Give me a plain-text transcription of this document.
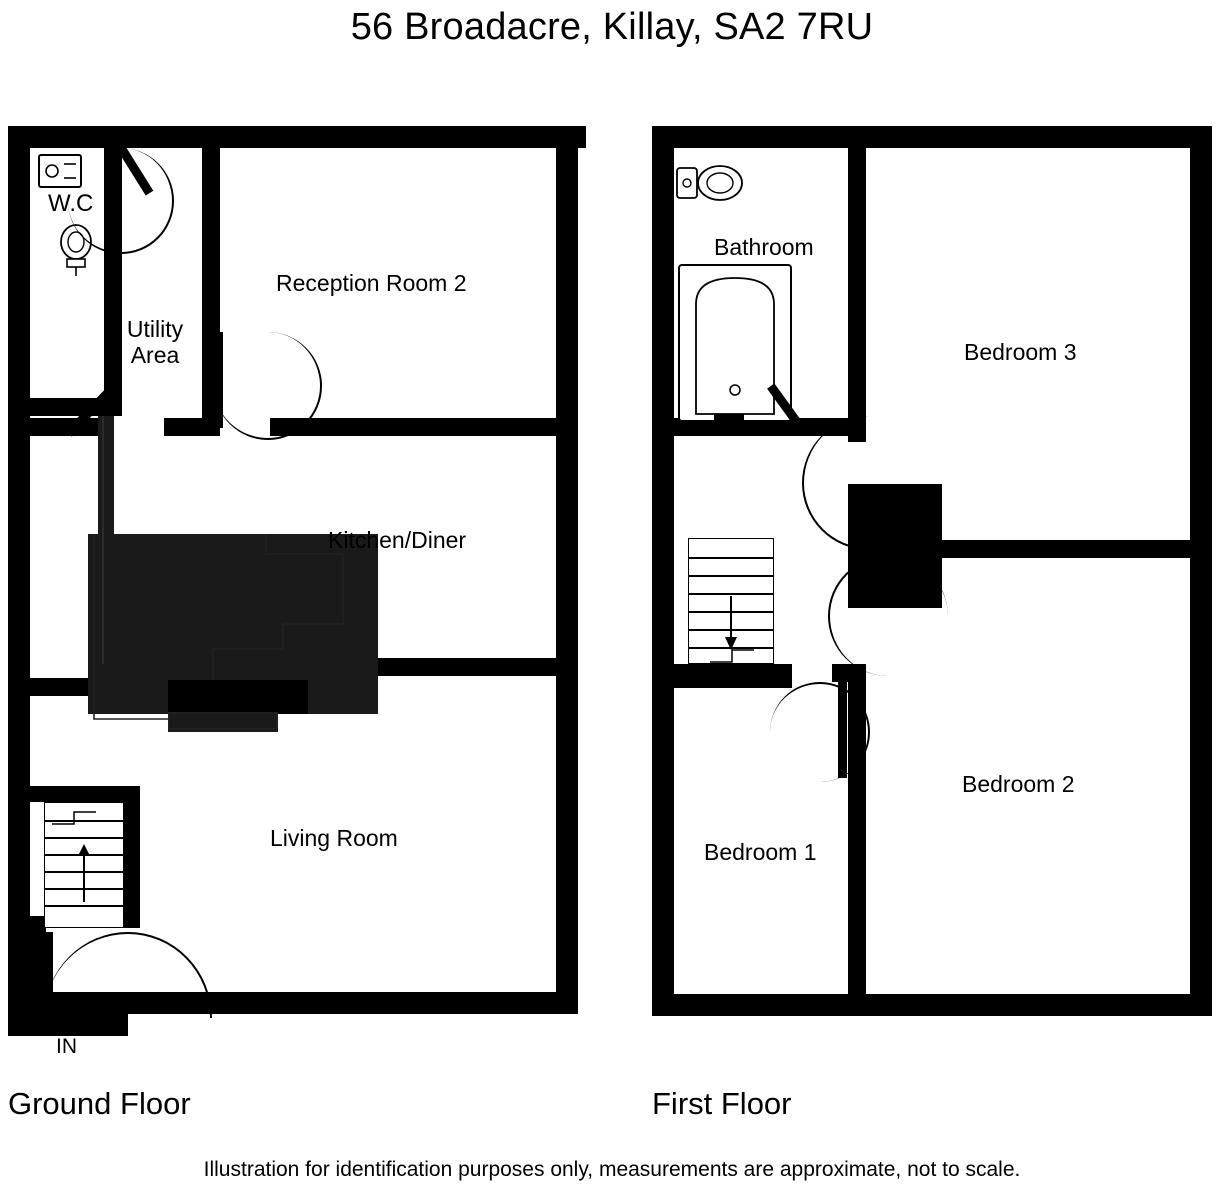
56 Broadacre, Killay, SA2 7RU
W.C
Utility
Area
Reception Room 2
Kitchen/Diner
Living Room
↑
IN
Bathroom
Bedroom 3
Bedroom 2
Bedroom 1
Ground Floor	First Floor
Illustration for identification purposes only, measurements are approximate, not to scale.
